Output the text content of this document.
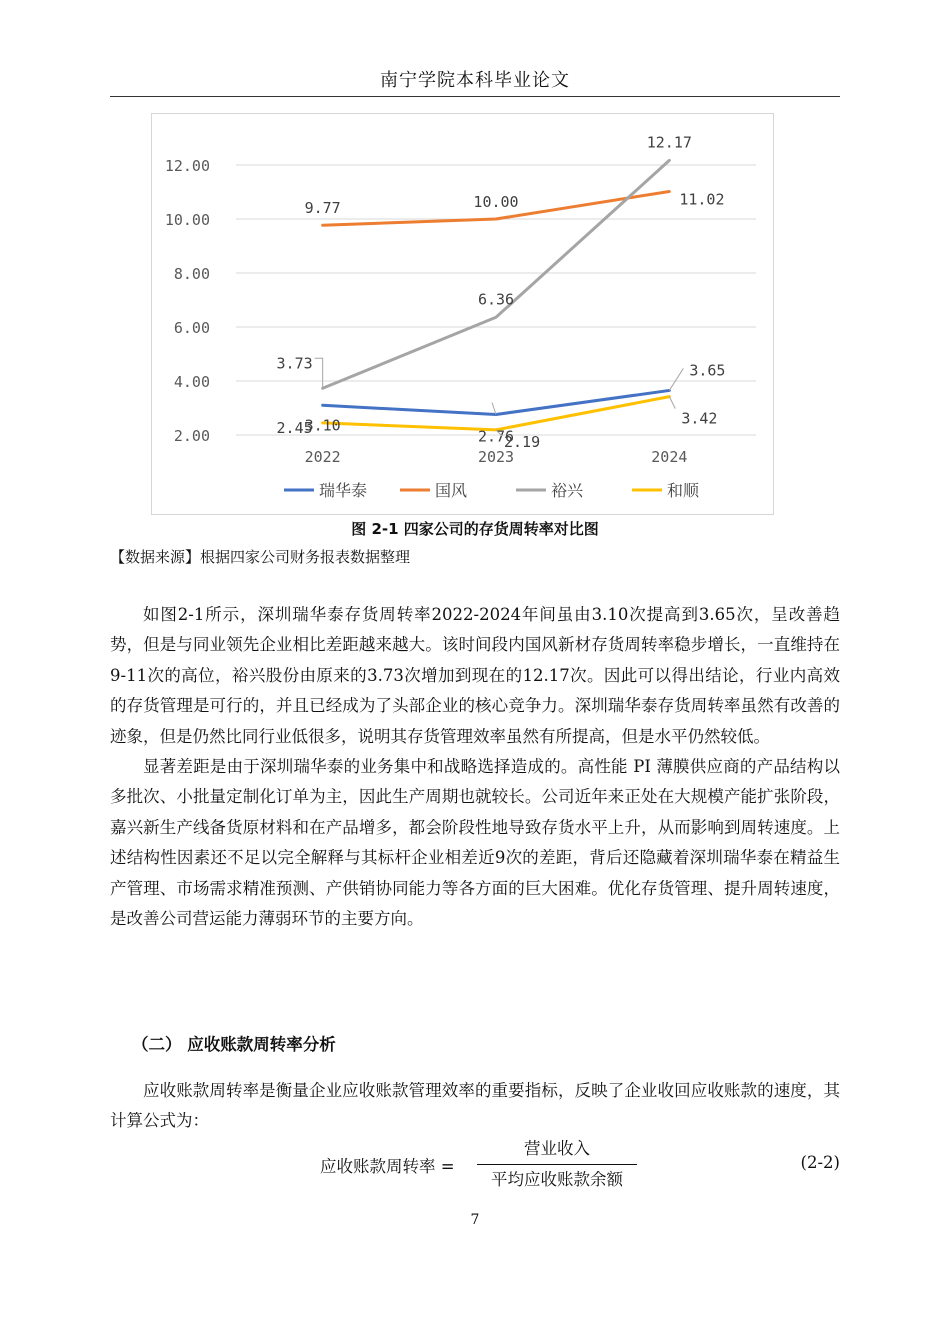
南宁学院本科毕业论文
2.00
4.00
6.00
8.00
10.00
12.00
2022	2023	2024
3.10
2.76
3.65
9.77	10.00	11.02
3.73
6.36
12.17
2.45
2.19
3.42
瑞华泰	国风	裕兴	和顺
图 2-1 四家公司的存货周转率对比图
【数据来源】根据四家公司财务报表数据整理

如图2-1所示，深圳瑞华泰存货周转率2022-2024年间虽由3.10次提高到3.65次，呈改善趋势，但是与同业领先企业相比差距越来越大。该时间段内国风新材存货周转率稳步增长，一直维持在9-11次的高位，裕兴股份由原来的3.73次增加到现在的12.17次。因此可以得出结论，行业内高效的存货管理是可行的，并且已经成为了头部企业的核心竞争力。深圳瑞华泰存货周转率虽然有改善的迹象，但是仍然比同行业低很多，说明其存货管理效率虽然有所提高，但是水平仍然较低。

显著差距是由于深圳瑞华泰的业务集中和战略选择造成的。高性能 PI 薄膜供应商的产品结构以多批次、小批量定制化订单为主，因此生产周期也就较长。公司近年来正处在大规模产能扩张阶段，嘉兴新生产线备货原材料和在产品增多，都会阶段性地导致存货水平上升，从而影响到周转速度。上述结构性因素还不足以完全解释与其标杆企业相差近9次的差距，背后还隐藏着深圳瑞华泰在精益生产管理、市场需求精准预测、产供销协同能力等各方面的巨大困难。优化存货管理、提升周转速度，是改善公司营运能力薄弱环节的主要方向。

（二） 应收账款周转率分析

应收账款周转率是衡量企业应收账款管理效率的重要指标，反映了企业收回应收账款的速度，其计算公式为：

应收账款周转率 =
营业收入
平均应收账款余额
(2-2)
7
